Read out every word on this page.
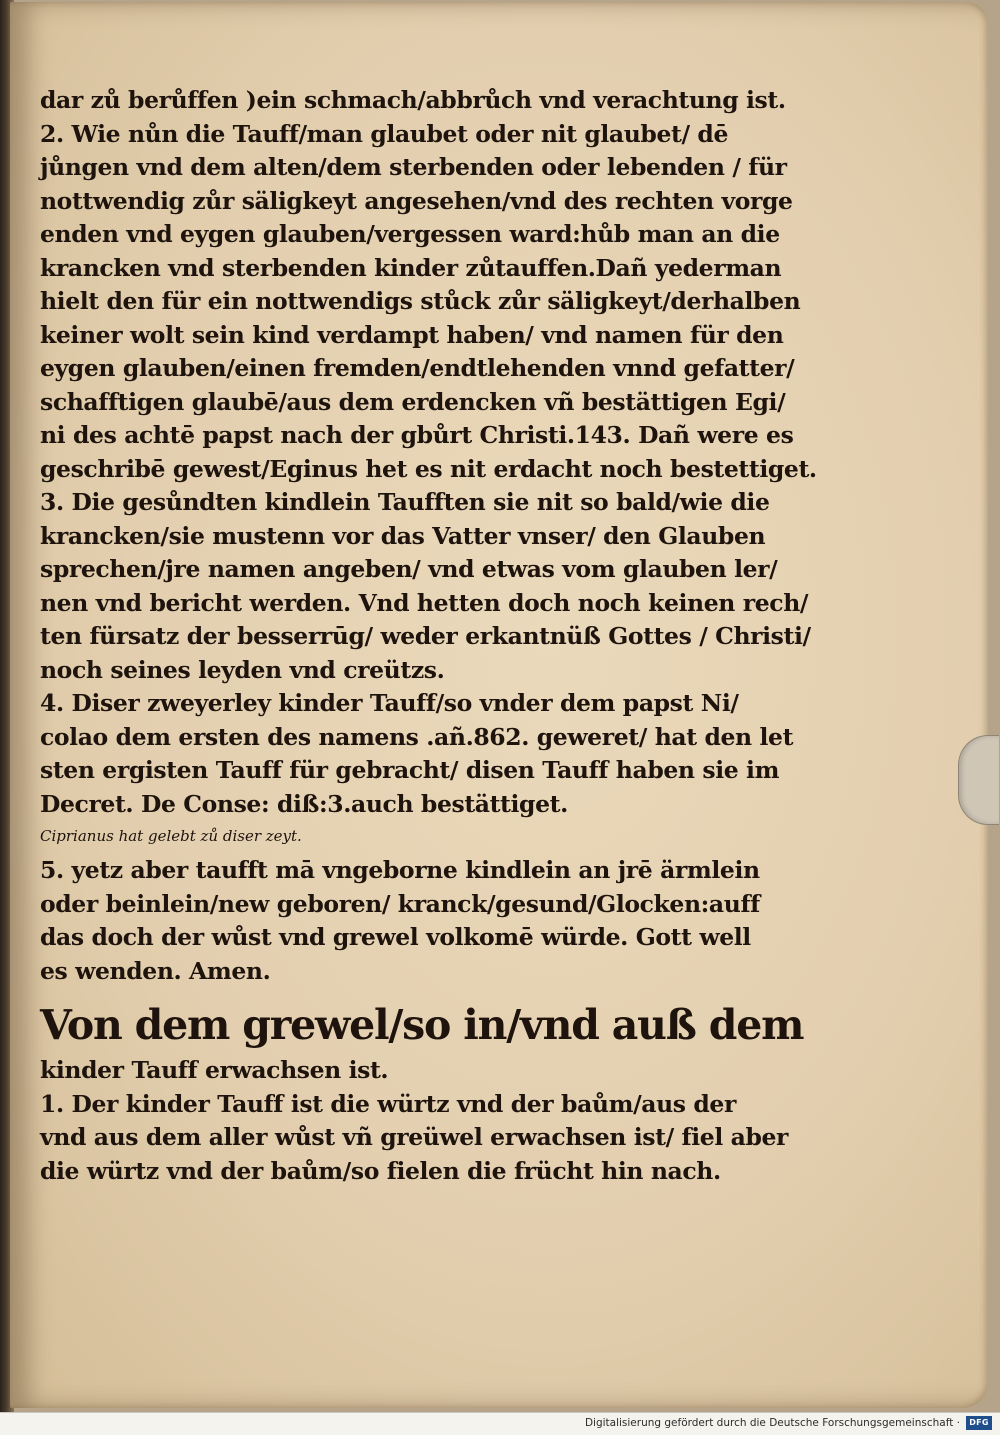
dar zů berůffen )ein schmach/abbrůch vnd verachtung ist.
2. Wie nůn die Tauff/man glaubet oder nit glaubet/ dē
jůngen vnd dem alten/dem sterbenden oder lebenden / für
nottwendig zůr säligkeyt angesehen/vnd des rechten vorge
enden vnd eygen glauben/vergessen ward:hůb man an die
krancken vnd sterbenden kinder zůtauffen.Dañ yederman
hielt den für ein nottwendigs stůck zůr säligkeyt/derhalben
keiner wolt sein kind verdampt haben/ vnd namen für den
eygen glauben/einen fremden/endtlehenden vnnd gefatter/
schafftigen glaubē/aus dem erdencken vñ bestättigen Egi/
ni des achtē papst nach der gbůrt Christi.143. Dañ were es
geschribē gewest/Eginus het es nit erdacht noch bestettiget.
3. Die gesůndten kindlein Taufften sie nit so bald/wie die
krancken/sie mustenn vor das Vatter vnser/ den Glauben
sprechen/jre namen angeben/ vnd etwas vom glauben ler/
nen vnd bericht werden. Vnd hetten doch noch keinen rech/
ten fürsatz der besserrūg/ weder erkantnüß Gottes / Christi/
noch seines leyden vnd creützs.
4. Diser zweyerley kinder Tauff/so vnder dem papst Ni/
colao dem ersten des namens .añ.862. geweret/ hat den let
sten ergisten Tauff für gebracht/ disen Tauff haben sie im
Decret. De Conse: diß:3.auch bestättiget.
Ciprianus hat gelebt zů diser zeyt.
5. yetz aber taufft mā vngeborne kindlein an jrē ärmlein
oder beinlein/new geboren/ kranck/gesund/Glocken:auff
das doch der wůst vnd grewel volkomē würde. Gott well
es wenden. Amen.
Von dem grewel/so in/vnd auß dem
kinder Tauff erwachsen ist.
1. Der kinder Tauff ist die würtz vnd der baům/aus der
vnd aus dem aller wůst vñ greüwel erwachsen ist/ fiel aber
die würtz vnd der baům/so fielen die frücht hin nach.
Digitalisierung gefördert durch die Deutsche Forschungsgemeinschaft ·	DFG
